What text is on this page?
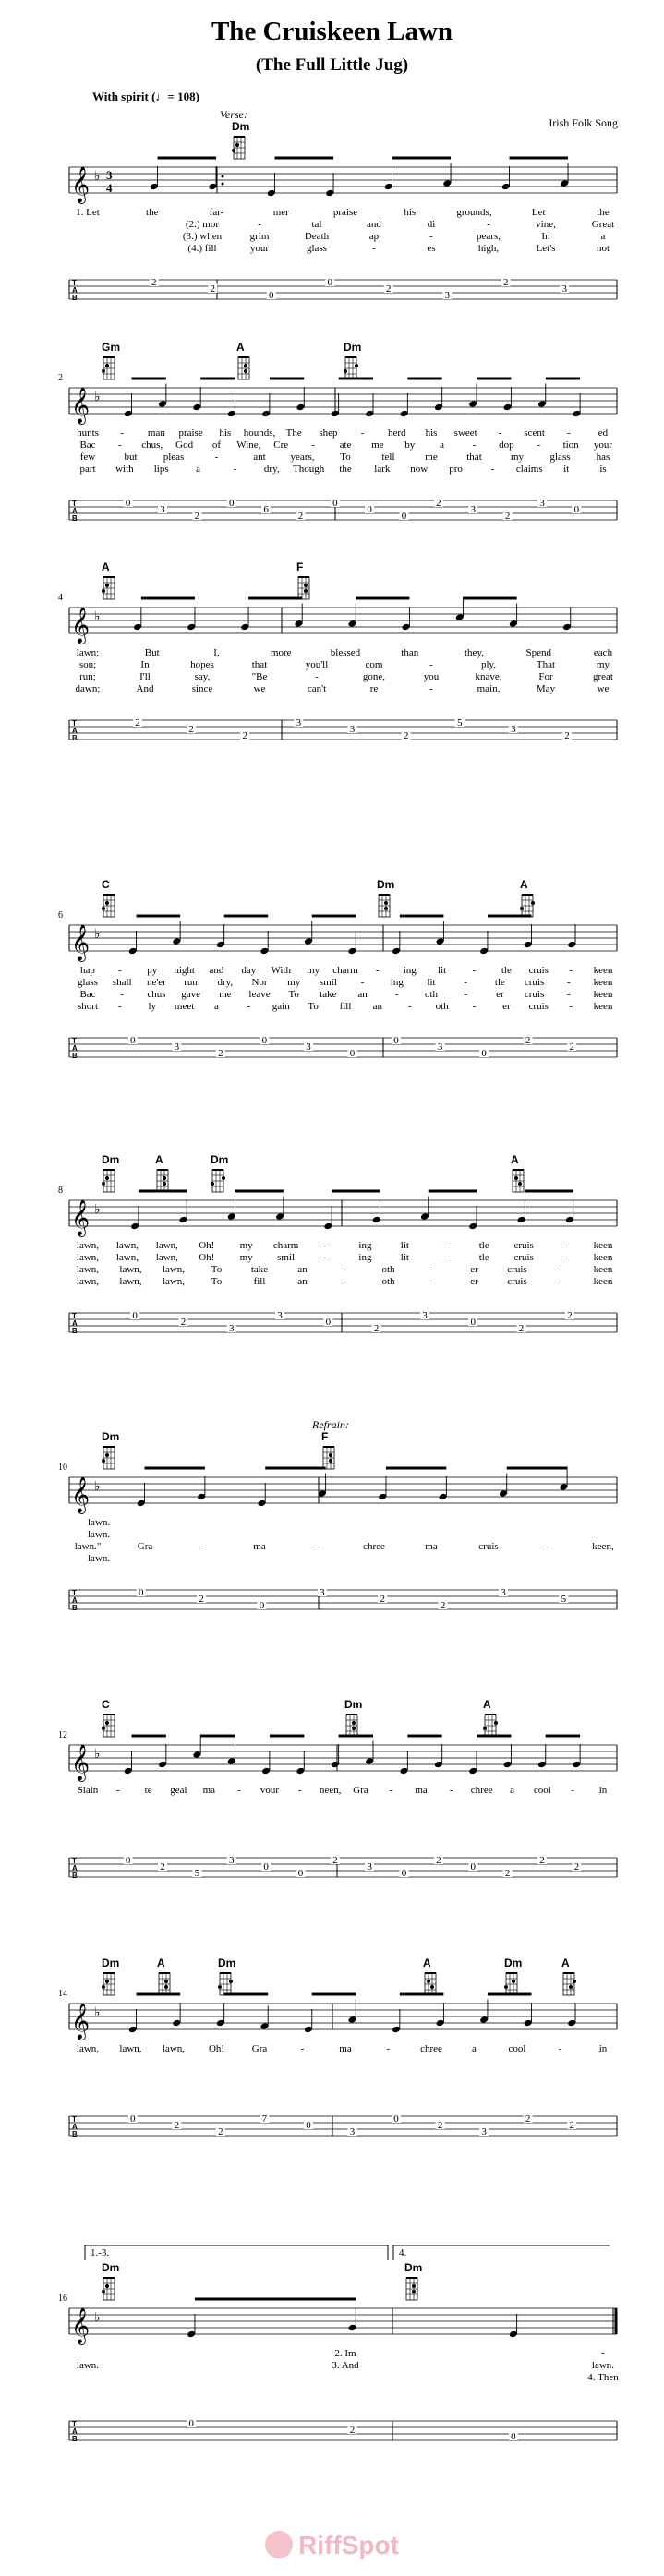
The Cruiskeen Lawn
(The Full Little Jug)
With spirit (♩= 108)
Irish Folk Song
Verse:
Dm
𝄞 ♭ 3
4
1. Let	the	far-	mer	praise	his	grounds,	Let	the
(2.) mor	-	tal	and	di	-	vine,	Great
(3.) when	grim	Death	ap	-	pears,	In	a
(4.) fill	your	glass	-	es	high,	Let's	not
T
A
B
2
2
0
0
2
3
2
3
Gm	A	Dm
2
𝄞 ♭
hunts - man praise his hounds, The shep - herd his sweet - scent -	ed
Bac - chus, God of Wine, Cre - ate me by a	- dop - tion your
few	but	pleas	-	ant years,	To	tell	me	that	my	glass	has
part with lips	a	-	dry, Though the lark now pro	- claims it	is
T
A
B
0
3
2
0
6
2
0
0
0
2
3
2
3
0
A	F
4
𝄞 ♭
lawn;	But	I,	more	blessed	than	they,	Spend	each
son;	In	hopes	that	you'll	com	-	ply,	That	my
run;	I'll	say,	"Be	-	gone,	you	knave,	For	great
dawn;	And	since	we	can't	re	-	main,	May	we
T
A
B
2
2
2
3
3
2
5
3
2
C	Dm	A
6
𝄞 ♭
hap -	py night and day With my charm - ing lit	-	tle cruis - keen
glass shall ne'er run dry, Nor my smil -	ing lit	-	tle cruis - keen
Bac - chus gave me leave To take an	-	oth	-	er cruis - keen
short -	ly meet a	- gain To fill an	- oth -	er cruis - keen
T
A
B
0
3
2
0
3
0
0
3
0
2
2
Dm	A	Dm	A
8
𝄞 ♭
lawn, lawn, lawn, Oh! my charm -	ing	lit	-	tle cruis	-	keen
lawn, lawn, lawn, Oh! my smil	-	ing	lit	-	tle cruis	-	keen
lawn, lawn, lawn,	To	take	an	-	oth	-	er	cruis	-	keen
lawn, lawn, lawn,	To	fill	an	-	oth	-	er	cruis	-	keen
T
A
B
0
2
3
3
0
2
3
0
2
2
Refrain:
Dm	F
10
𝄞 ♭
lawn.
lawn.
lawn."	Gra	-	ma	-	chree	ma	cruis	-	keen,
lawn.
T
A
B
0
2
0
3
2
2
3
5
C	Dm	A
12
𝄞 ♭
Slain - te geal ma - vour - neen, Gra - ma - chree a cool - in
T
A
B
0
2
5
3
0
0
2
3
0
2
0
2
2
2
Dm	A	Dm	A	Dm	A
14
𝄞 ♭
lawn, lawn, lawn, Oh!	Gra	-	ma	-	chree	a	cool	-	in
T
A
B
0
2
2
7
0
3
0
2
3
2
2
1.-3.	4.
Dm	Dm
16
𝄞 ♭
2. Im	-
lawn.	3. And	lawn.
4. Then
T
A
B
0
2
0
RiffSpot
